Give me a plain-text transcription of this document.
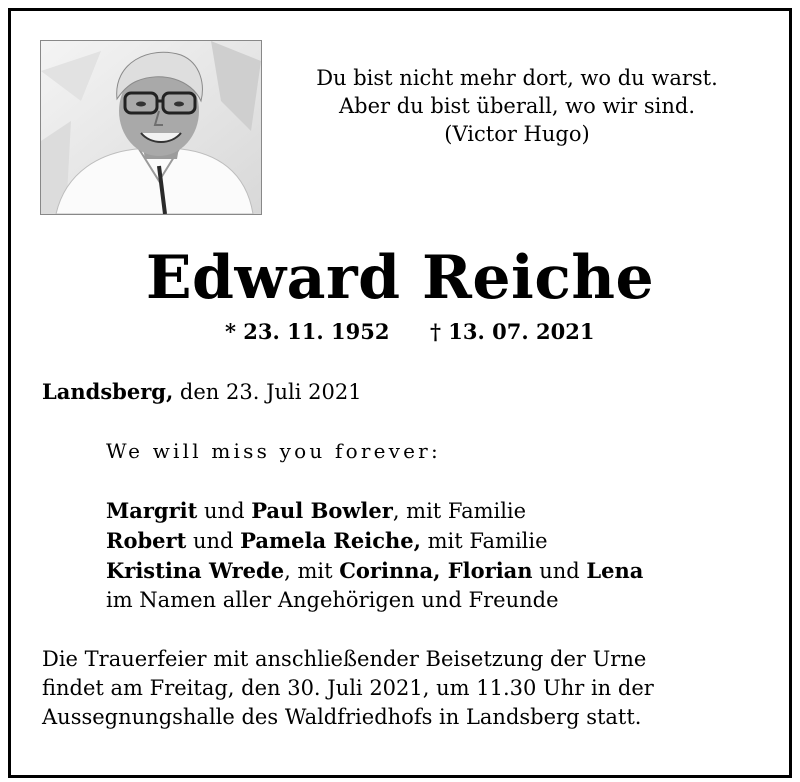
Du bist nicht mehr dort, wo du warst.
Aber du bist überall, wo wir sind.
(Victor Hugo)
Edward Reiche
* 23. 11. 1952 † 13. 07. 2021
Landsberg, den 23. Juli 2021
We will miss you forever:
Margrit und Paul Bowler, mit Familie
Robert und Pamela Reiche, mit Familie
Kristina Wrede, mit Corinna, Florian und Lena
im Namen aller Angehörigen und Freunde
Die Trauerfeier mit anschließender Beisetzung der Urne
findet am Freitag, den 30. Juli 2021, um 11.30 Uhr in der
Aussegnungshalle des Waldfriedhofs in Landsberg statt.
